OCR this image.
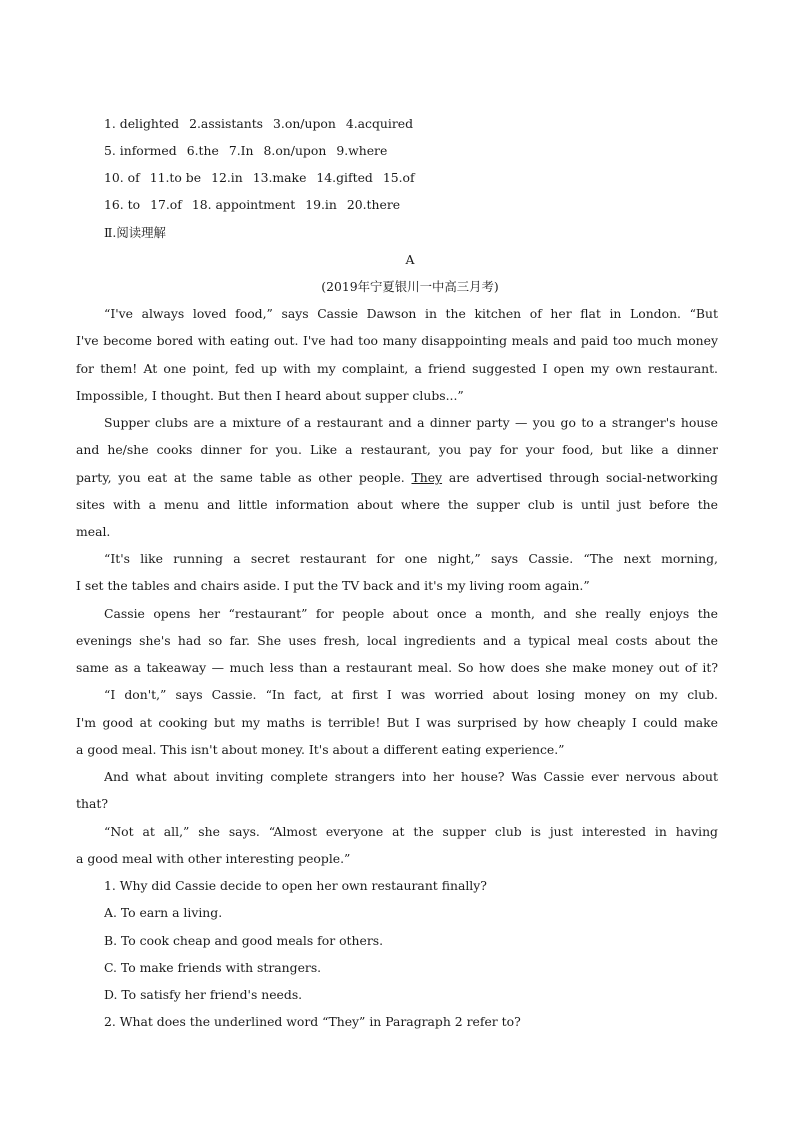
1. delighted 2.assistants 3.on/upon 4.acquired
5. informed 6.the 7.In 8.on/upon 9.where
10. of 11.to be 12.in 13.make 14.gifted 15.of
16. to 17.of 18. appointment 19.in 20.there
Ⅱ.阅读理解
A
(2019年宁夏银川一中高三月考)
“I've always loved food,” says Cassie Dawson in the kitchen of her flat in London. “But
I've become bored with eating out. I've had too many disappointing meals and paid too much money
for them! At one point, fed up with my complaint, a friend suggested I open my own restaurant.
Impossible, I thought. But then I heard about supper clubs...”
Supper clubs are a mixture of a restaurant and a dinner party — you go to a stranger's house
and he/she cooks dinner for you. Like a restaurant, you pay for your food, but like a dinner
party, you eat at the same table as other people. They are advertised through social-networking
sites with a menu and little information about where the supper club is until just before the
meal.
“It's like running a secret restaurant for one night,” says Cassie. “The next morning,
I set the tables and chairs aside. I put the TV back and it's my living room again.”
Cassie opens her “restaurant” for people about once a month, and she really enjoys the
evenings she's had so far. She uses fresh, local ingredients and a typical meal costs about the
same as a takeaway — much less than a restaurant meal. So how does she make money out of it?
“I don't,” says Cassie. “In fact, at first I was worried about losing money on my club.
I'm good at cooking but my maths is terrible! But I was surprised by how cheaply I could make
a good meal. This isn't about money. It's about a different eating experience.”
And what about inviting complete strangers into her house? Was Cassie ever nervous about
that?
“Not at all,” she says. “Almost everyone at the supper club is just interested in having
a good meal with other interesting people.”
1. Why did Cassie decide to open her own restaurant finally?
A. To earn a living.
B. To cook cheap and good meals for others.
C. To make friends with strangers.
D. To satisfy her friend's needs.
2. What does the underlined word “They” in Paragraph 2 refer to?
